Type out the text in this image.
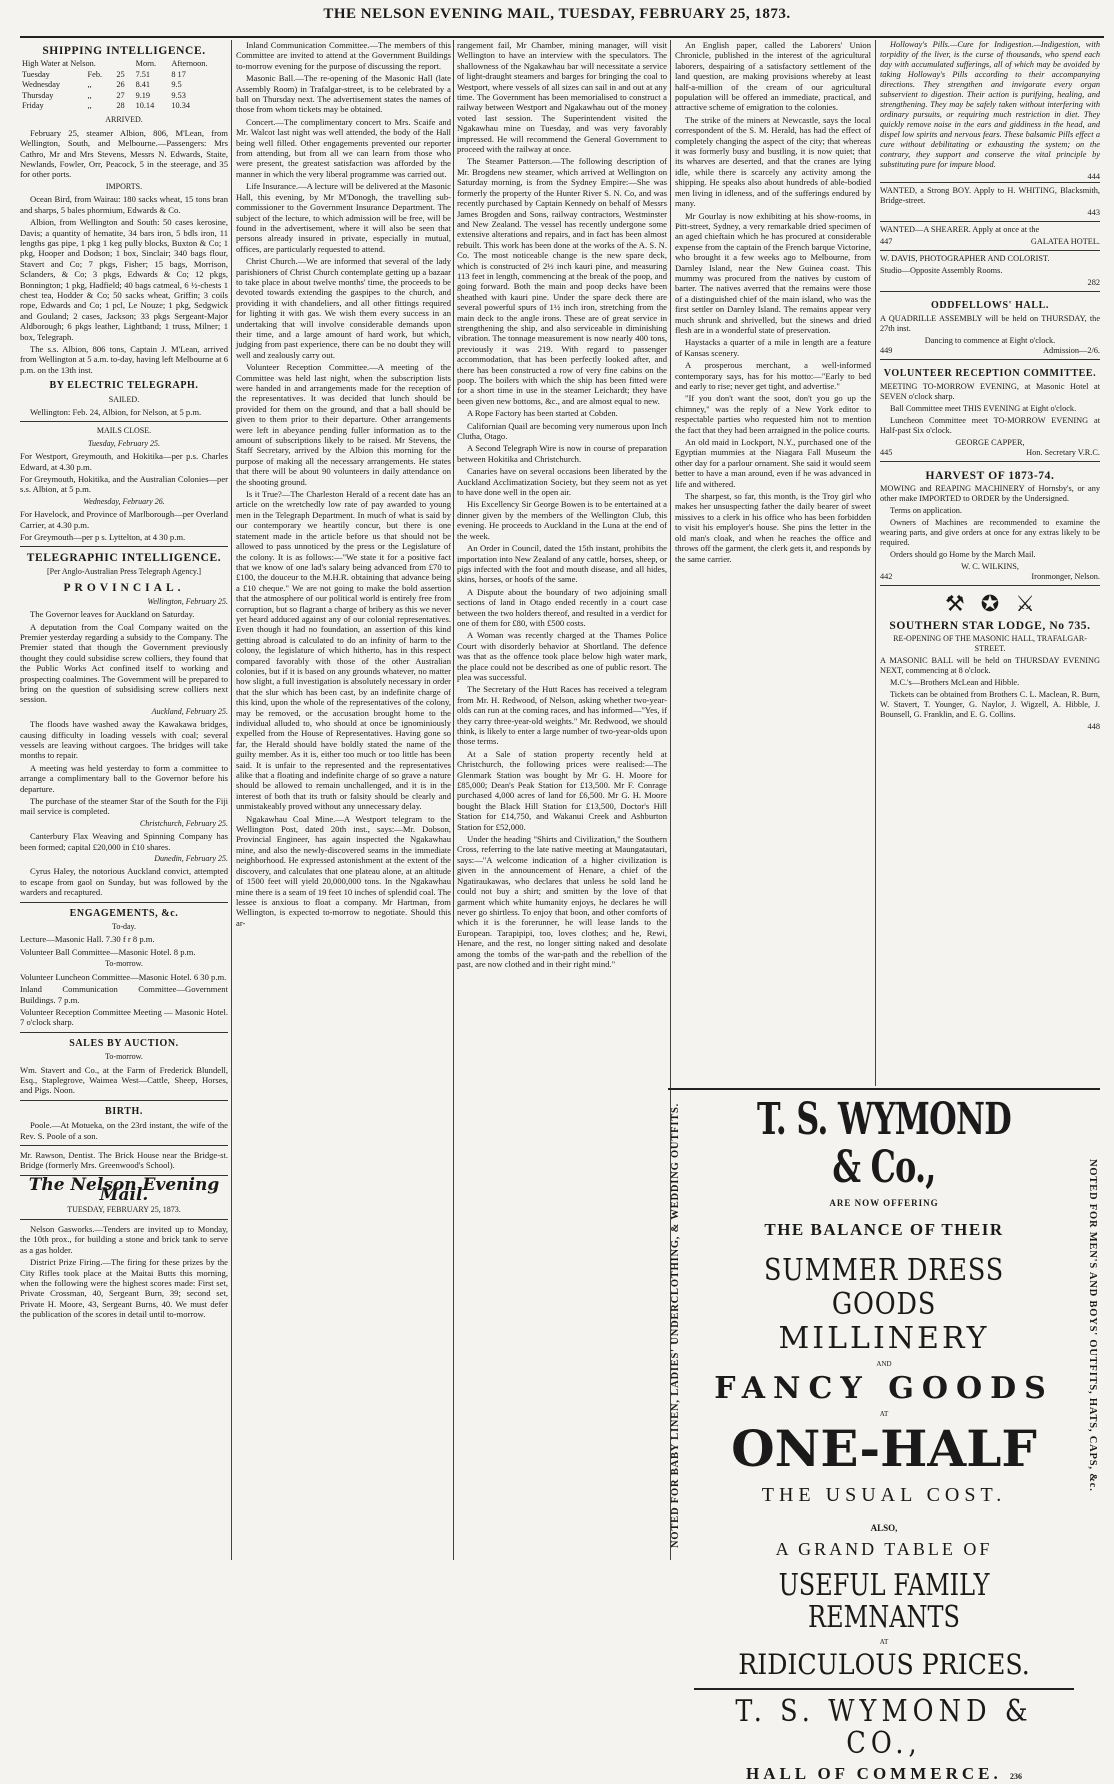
THE NELSON EVENING MAIL, TUESDAY, FEBRUARY 25, 1873.
SHIPPING INTELLIGENCE.
High Water at Nelson.			Morn.	Afternoon.
Tuesday	Feb.	25	7.51	8 17
Wednesday	,,	26	8.41	9.5
Thursday	,,	27	9.19	9.53
Friday	,,	28	10.14	10.34
ARRIVED.

February 25, steamer Albion, 806, M'Lean, from Wellington, South, and Melbourne.—Passengers: Mrs Cathro, Mr and Mrs Stevens, Messrs N. Edwards, Staite, Newlands, Fowler, Orr, Peacock, 5 in the steerage, and 35 for other ports.

IMPORTS.

Ocean Bird, from Wairau: 180 sacks wheat, 15 tons bran and sharps, 5 bales phormium, Edwards & Co.

Albion, from Wellington and South: 50 cases kerosine, Davis; a quantity of hematite, 34 bars iron, 5 bdls iron, 11 lengths gas pipe, 1 pkg 1 keg pully blocks, Buxton & Co; 1 pkg, Hooper and Dodson; 1 box, Sinclair; 340 bags flour, Stavert and Co; 7 pkgs, Fisher; 15 bags, Morrison, Sclanders, & Co; 3 pkgs, Edwards & Co; 12 pkgs, Bonnington; 1 pkg, Hadfield; 40 bags catmeal, 6 ½-chests 1 chest tea, Hodder & Co; 50 sacks wheat, Griffin; 3 coils rope, Edwards and Co; 1 pcl, Le Nouze; 1 pkg, Sedgwick and Gouland; 2 cases, Jackson; 33 pkgs Sergeant-Major Aldborough; 6 pkgs leather, Lightband; 1 truss, Milner; 1 box, Telegraph.

The s.s. Albion, 806 tons, Captain J. M'Lean, arrived from Wellington at 5 a.m. to-day, having left Melbourne at 6 p.m. on the 13th inst.

BY ELECTRIC TELEGRAPH.
SAILED.

Wellington: Feb. 24, Albion, for Nelson, at 5 p.m.

MAILS CLOSE.
Tuesday, February 25.

For Westport, Greymouth, and Hokitika—per p.s. Charles Edward, at 4.30 p.m.

For Greymouth, Hokitika, and the Australian Colonies—per s.s. Albion, at 5 p.m.

Wednesday, February 26.

For Havelock, and Province of Marlborough—per Overland Carrier, at 4.30 p.m.

For Greymouth—per p s. Lyttelton, at 4 30 p.m.

TELEGRAPHIC INTELLIGENCE.
[Per Anglo-Australian Press Telegraph Agency.]
PROVINCIAL.
Wellington, February 25.

The Governor leaves for Auckland on Saturday.

A deputation from the Coal Company waited on the Premier yesterday regarding a subsidy to the Company. The Premier stated that though the Government previously thought they could subsidise screw colliers, they found that the Public Works Act confined itself to working and prospecting coalmines. The Government will be prepared to bring on the question of subsidising screw colliers next session.

Auckland, February 25.

The floods have washed away the Kawakawa bridges, causing difficulty in loading vessels with coal; several vessels are leaving without cargoes. The bridges will take months to repair.

A meeting was held yesterday to form a committee to arrange a complimentary ball to the Governor before his departure.

The purchase of the steamer Star of the South for the Fiji mail service is completed.

Christchurch, February 25.

Canterbury Flax Weaving and Spinning Company has been formed; capital £20,000 in £10 shares.

Dunedin, February 25.

Cyrus Haley, the notorious Auckland convict, attempted to escape from gaol on Sunday, but was followed by the warders and recaptured.

ENGAGEMENTS, &c.
To-day.

Lecture—Masonic Hall. 7.30 f r 8 p.m.

Volunteer Ball Committee—Masonic Hotel. 8 p.m.

To-morrow.

Volunteer Luncheon Committee—Masonic Hotel. 6 30 p.m.

Inland Communication Committee—Government Buildings. 7 p.m.

Volunteer Reception Committee Meeting — Masonic Hotel. 7 o'clock sharp.

SALES BY AUCTION.
To-morrow.

Wm. Stavert and Co., at the Farm of Frederick Blundell, Esq., Staplegrove, Waimea West—Cattle, Sheep, Horses, and Pigs. Noon.

BIRTH.

Poole.—At Motueka, on the 23rd instant, the wife of the Rev. S. Poole of a son.

Mr. Rawson, Dentist. The Brick House near the Bridge-st. Bridge (formerly Mrs. Greenwood's School).

The Nelson Evening Mail.
TUESDAY, FEBRUARY 25, 1873.

Nelson Gasworks.—Tenders are invited up to Monday, the 10th prox., for building a stone and brick tank to serve as a gas holder.

District Prize Firing.—The firing for these prizes by the City Rifles took place at the Maitai Butts this morning, when the following were the highest scores made: First set, Private Crossman, 40, Sergeant Burn, 39; second set, Private H. Moore, 43, Sergeant Burns, 40. We must defer the publication of the scores in detail until to-morrow.

Inland Communication Committee.—The members of this Committee are invited to attend at the Government Buildings to-morrow evening for the purpose of discussing the report.

Masonic Ball.—The re-opening of the Masonic Hall (late Assembly Room) in Trafalgar-street, is to be celebrated by a ball on Thursday next. The advertisement states the names of those from whom tickets may be obtained.

Concert.—The complimentary concert to Mrs. Scaife and Mr. Walcot last night was well attended, the body of the Hall being well filled. Other engagements prevented our reporter from attending, but from all we can learn from those who were present, the greatest satisfaction was afforded by the manner in which the very liberal programme was carried out.

Life Insurance.—A lecture will be delivered at the Masonic Hall, this evening, by Mr M'Donogh, the travelling sub-commissioner to the Government Insurance Department. The subject of the lecture, to which admission will be free, will be found in the advertisement, where it will also be seen that persons already insured in private, especially in mutual, offices, are particularly requested to attend.

Christ Church.—We are informed that several of the lady parishioners of Christ Church contemplate getting up a bazaar to take place in about twelve months' time, the proceeds to be devoted towards extending the gaspipes to the church, and providing it with chandeliers, and all other fittings required for lighting it with gas. We wish them every success in an undertaking that will involve considerable demands upon their time, and a large amount of hard work, but which, judging from past experience, there can be no doubt they will well and zealously carry out.

Volunteer Reception Committee.—A meeting of the Committee was held last night, when the subscription lists were handed in and arrangements made for the reception of the representatives. It was decided that lunch should be provided for them on the ground, and that a ball should be given to them prior to their departure. Other arrangements were left in abeyance pending fuller information as to the amount of subscriptions likely to be raised. Mr Stevens, the Staff Secretary, arrived by the Albion this morning for the purpose of making all the necessary arrangements. He states that there will be about 90 volunteers in daily attendance on the shooting ground.

Is it True?—The Charleston Herald of a recent date has an article on the wretchedly low rate of pay awarded to young men in the Telegraph Department. In much of what is said by our contemporary we heartily concur, but there is one statement made in the article before us that should not be allowed to pass unnoticed by the press or the Legislature of the colony. It is as follows:—"We state it for a positive fact that we know of one lad's salary being advanced from £70 to £100, the douceur to the M.H.R. obtaining that advance being a £10 cheque." We are not going to make the bold assertion that the atmosphere of our political world is entirely free from corruption, but so flagrant a charge of bribery as this we never yet heard adduced against any of our colonial representatives. Even though it had no foundation, an assertion of this kind getting abroad is calculated to do an infinity of harm to the colony, the legislature of which hitherto, has in this respect compared favorably with those of the other Australian colonies, but if it is based on any grounds whatever, no matter how slight, a full investigation is absolutely necessary in order that the slur which has been cast, by an indefinite charge of this kind, upon the whole of the representatives of the colony, may be removed, or the accusation brought home to the individual alluded to, who should at once be ignominiously expelled from the House of Representatives. Having gone so far, the Herald should have boldly stated the name of the guilty member. As it is, either too much or too little has been said. It is unfair to the represented and the representatives alike that a floating and indefinite charge of so grave a nature should be allowed to remain unchallenged, and it is in the interest of both that its truth or falsity should be clearly and unmistakeably proved without any unnecessary delay.

Ngakawhau Coal Mine.—A Westport telegram to the Wellington Post, dated 20th inst., says:—Mr. Dobson, Provincial Engineer, has again inspected the Ngakawhau mine, and also the newly-discovered seams in the immediate neighborhood. He expressed astonishment at the extent of the discovery, and calculates that one plateau alone, at an altitude of 1500 feet will yield 20,000,000 tons. In the Ngakawhau mine there is a seam of 19 feet 10 inches of splendid coal. The lessee is anxious to float a company. Mr Hartman, from Wellington, is expected to-morrow to negotiate. Should this ar-

rangement fail, Mr Chamber, mining manager, will visit Wellington to have an interview with the speculators. The shallowness of the Ngakawhau bar will necessitate a service of light-draught steamers and barges for bringing the coal to Westport, where vessels of all sizes can sail in and out at any time. The Government has been memorialised to construct a railway between Westport and Ngakawhau out of the money voted last session. The Superintendent visited the Ngakawhau mine on Tuesday, and was very favorably impressed. He will recommend the General Government to proceed with the railway at once.

The Steamer Patterson.—The following description of Mr. Brogdens new steamer, which arrived at Wellington on Saturday morning, is from the Sydney Empire:—She was formerly the property of the Hunter River S. N. Co, and was recently purchased by Captain Kennedy on behalf of Messrs James Brogden and Sons, railway contractors, Westminster and New Zealand. The vessel has recently undergone some extensive alterations and repairs, and in fact has been almost rebuilt. This work has been done at the works of the A. S. N. Co. The most noticeable change is the new spare deck, which is constructed of 2½ inch kauri pine, and measuring 113 feet in length, commencing at the break of the poop, and going forward. Both the main and poop decks have been sheathed with kauri pine. Under the spare deck there are several powerful spurs of 1½ inch iron, stretching from the main deck to the angle irons. These are of great service in strengthening the ship, and also serviceable in diminishing vibration. The tonnage measurement is now nearly 400 tons, previously it was 219. With regard to passenger accommodation, that has been perfectly looked after, and there has been constructed a row of very fine cabins on the poop. The boilers with which the ship has been fitted were for a short time in use in the steamer Leichardt; they have been given new bottoms, &c., and are almost equal to new.

A Rope Factory has been started at Cobden.

Californian Quail are becoming very numerous upon Inch Clutha, Otago.

A Second Telegraph Wire is now in course of preparation between Hokitika and Christchurch.

Canaries have on several occasions been liberated by the Auckland Acclimatization Society, but they seem not as yet to have done well in the open air.

His Excellency Sir George Bowen is to be entertained at a dinner given by the members of the Wellington Club, this evening. He proceeds to Auckland in the Luna at the end of the week.

An Order in Council, dated the 15th instant, prohibits the importation into New Zealand of any cattle, horses, sheep, or pigs infected with the foot and mouth disease, and all hides, skins, horses, or hoofs of the same.

A Dispute about the boundary of two adjoining small sections of land in Otago ended recently in a court case between the two holders thereof, and resulted in a verdict for one of them for £80, with £500 costs.

A Woman was recently charged at the Thames Police Court with disorderly behavior at Shortland. The defence was that as the offence took place below high water mark, the place could not be described as one of public resort. The plea was successful.

The Secretary of the Hutt Races has received a telegram from Mr. H. Redwood, of Nelson, asking whether two-year-olds can run at the coming races, and has informed—"Yes, if they carry three-year-old weights." Mr. Redwood, we should think, is likely to enter a large number of two-year-olds upon those terms.

At a Sale of station property recently held at Christchurch, the following prices were realised:—The Glenmark Station was bought by Mr G. H. Moore for £85,000; Dean's Peak Station for £13,500. Mr F. Conrage purchased 4,000 acres of land for £6,500. Mr G. H. Moore bought the Black Hill Station for £13,500, Doctor's Hill Station for £14,750, and Wakanui Creek and Ashburton Station for £52,000.

Under the heading "Shirts and Civilization," the Southern Cross, referring to the late native meeting at Maungatautari, says:—"A welcome indication of a higher civilization is given in the announcement of Henare, a chief of the Ngatiraukawas, who declares that unless he sold land he could not buy a shirt; and smitten by the love of that garment which white humanity enjoys, he declares he will never go shirtless. To enjoy that boon, and other comforts of which it is the forerunner, he will lease lands to the European. Tarapipipi, too, loves clothes; and he, Rewi, Henare, and the rest, no longer sitting naked and desolate among the tombs of the war-path and the rebellion of the past, are now clothed and in their right mind."

An English paper, called the Laborers' Union Chronicle, published in the interest of the agricultural laborers, despairing of a satisfactory settlement of the land question, are making provisions whereby at least half-a-million of the cream of our agricultural population will be offered an immediate, practical, and attractive scheme of emigration to the colonies.

The strike of the miners at Newcastle, says the local correspondent of the S. M. Herald, has had the effect of completely changing the aspect of the city; that whereas it was formerly busy and bustling, it is now quiet; that its wharves are deserted, and that the cranes are lying idle, while there is scarcely any activity among the shipping. He speaks also about hundreds of able-bodied men living in idleness, and of the sufferings endured by many.

Mr Gourlay is now exhibiting at his show-rooms, in Pitt-street, Sydney, a very remarkable dried specimen of an aged chieftain which he has procured at considerable expense from the captain of the French barque Victorine, who brought it a few weeks ago to Melbourne, from Darnley Island, near the New Guinea coast. This mummy was procured from the natives by custom of barter. The natives averred that the remains were those of a distinguished chief of the main island, who was the first settler on Darnley Island. The remains appear very much shrunk and shrivelled, but the sinews and dried flesh are in a wonderful state of preservation.

Haystacks a quarter of a mile in length are a feature of Kansas scenery.

A prosperous merchant, a well-informed contemporary says, has for his motto:—"Early to bed and early to rise; never get tight, and advertise."

"If you don't want the soot, don't you go up the chimney," was the reply of a New York editor to respectable parties who requested him not to mention the fact that they had been arraigned in the police courts.

An old maid in Lockport, N.Y., purchased one of the Egyptian mummies at the Niagara Fall Museum the other day for a parlour ornament. She said it would seem better to have a man around, even if he was advanced in life and withered.

The sharpest, so far, this month, is the Troy girl who makes her unsuspecting father the daily bearer of sweet missives to a clerk in his office who has been forbidden to visit his employer's house. She pins the letter in the old man's cloak, and when he reaches the office and throws off the garment, the clerk gets it, and responds by the same carrier.

Holloway's Pills.—Cure for Indigestion.—Indigestion, with torpidity of the liver, is the curse of thousands, who spend each day with accumulated sufferings, all of which may be avoided by taking Holloway's Pills according to their accompanying directions. They strengthen and invigorate every organ subservient to digestion. Their action is purifying, healing, and strengthening. They may be safely taken without interfering with ordinary pursuits, or requiring much restriction in diet. They quickly remove noise in the ears and giddiness in the head, and dispel low spirits and nervous fears. These balsamic Pills effect a cure without debilitating or exhausting the system; on the contrary, they support and conserve the vital principle by substituting pure for impure blood.

444

WANTED, a Strong BOY. Apply to H. WHITING, Blacksmith, Bridge-street.

443

WANTED—A SHEARER. Apply at once at the

447	GALATEA HOTEL.

W. DAVIS, PHOTOGRAPHER AND COLORIST.

Studio—Opposite Assembly Rooms.

282
ODDFELLOWS' HALL.

A QUADRILLE ASSEMBLY will be held on THURSDAY, the 27th inst.

Dancing to commence at Eight o'clock.
449	Admission—2/6.
VOLUNTEER RECEPTION COMMITTEE.

MEETING TO-MORROW EVENING, at Masonic Hotel at SEVEN o'clock sharp.

Ball Committee meet THIS EVENING at Eight o'clock.

Luncheon Committee meet TO-MORROW EVENING at Half-past Six o'clock.

GEORGE CAPPER,
445	Hon. Secretary V.R.C.
HARVEST OF 1873-74.

MOWING and REAPING MACHINERY of Hornsby's, or any other make IMPORTED to ORDER by the Undersigned.

Terms on application.

Owners of Machines are recommended to examine the wearing parts, and give orders at once for any extras likely to be required.

Orders should go Home by the March Mail.

W. C. WILKINS,
442	Ironmonger, Nelson.
⚒ ✪ ⚔
SOUTHERN STAR LODGE, No 735.
RE-OPENING OF THE MASONIC HALL, TRAFALGAR-STREET.

A MASONIC BALL will be held on THURSDAY EVENING NEXT, commencing at 8 o'clock.

M.C.'s—Brothers McLean and Hibble.

Tickets can be obtained from Brothers C. L. Maclean, R. Burn, W. Stavert, T. Younger, G. Naylor, J. Wigzell, A. Hibble, J. Bounsell, G. Franklin, and E. G. Collins.

448
NOTED FOR BABY LINEN, LADIES' UNDERCLOTHING, & WEDDING OUTFITS.	NOTED FOR MEN'S AND BOYS' OUTFITS, HATS, CAPS, &c.
T. S. WYMOND & Co.,
ARE NOW OFFERING
THE BALANCE OF THEIR
SUMMER DRESS GOODS
MILLINERY
AND
FANCY GOODS
AT
ONE-HALF
THE USUAL COST.
ALSO,
A GRAND TABLE OF
USEFUL FAMILY REMNANTS
AT
RIDICULOUS PRICES.
T. S. WYMOND & CO.,
HALL OF COMMERCE. 236
